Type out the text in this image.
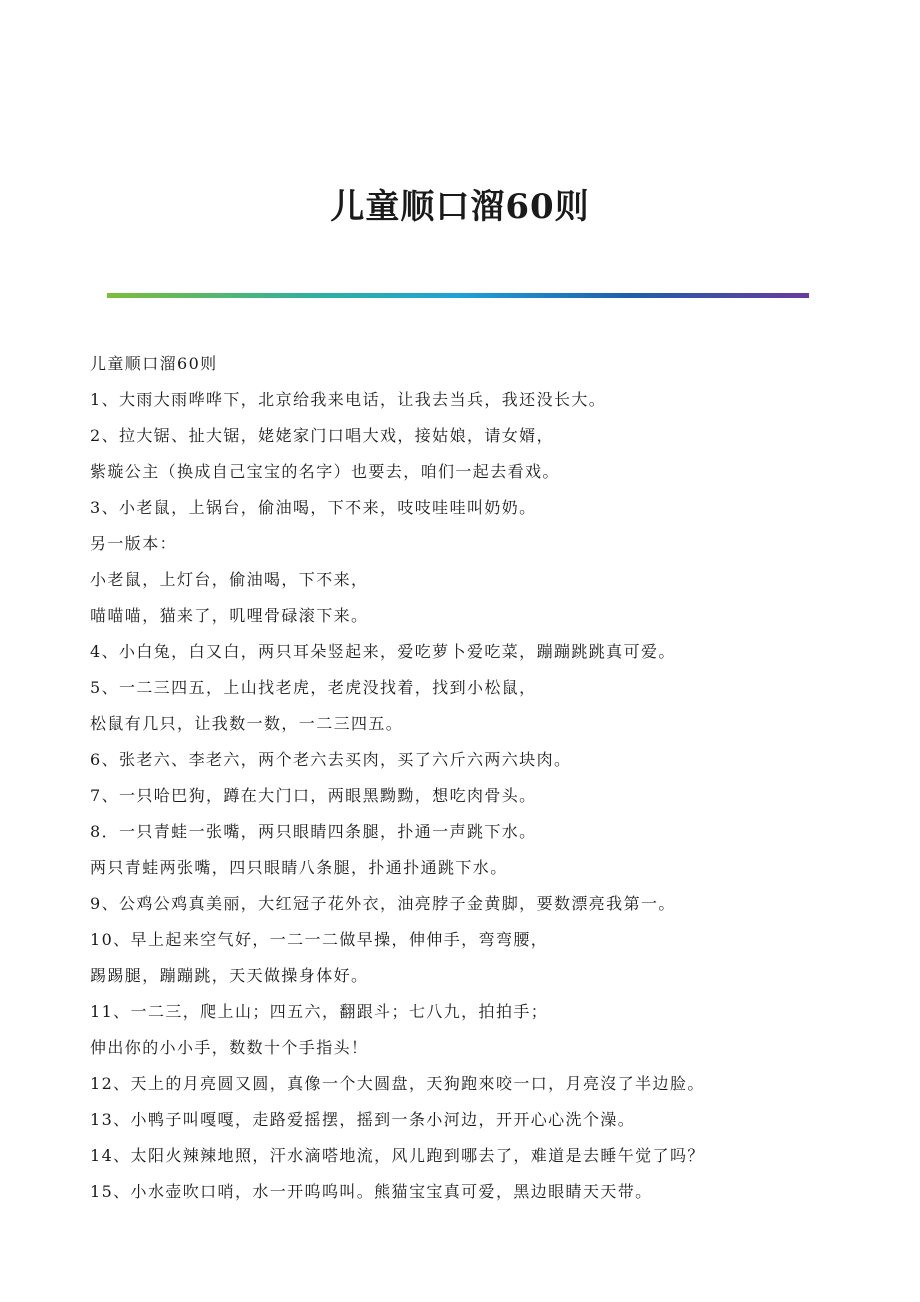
儿童顺口溜60则
儿童顺口溜60则
1、大雨大雨哗哗下，北京给我来电话，让我去当兵，我还没长大。
2、拉大锯、扯大锯，姥姥家门口唱大戏，接姑娘，请女婿，
紫璇公主（换成自己宝宝的名字）也要去，咱们一起去看戏。
3、小老鼠，上锅台，偷油喝，下不来，吱吱哇哇叫奶奶。
另一版本：
小老鼠，上灯台，偷油喝，下不来，
喵喵喵，猫来了，叽哩骨碌滚下来。
4、小白兔，白又白，两只耳朵竖起来，爱吃萝卜爱吃菜，蹦蹦跳跳真可爱。
5、一二三四五，上山找老虎，老虎没找着，找到小松鼠，
松鼠有几只，让我数一数，一二三四五。
6、张老六、李老六，两个老六去买肉，买了六斤六两六块肉。
7、一只哈巴狗，蹲在大门口，两眼黑黝黝，想吃肉骨头。
8．一只青蛙一张嘴，两只眼睛四条腿，扑通一声跳下水。
两只青蛙两张嘴，四只眼睛八条腿，扑通扑通跳下水。
9、公鸡公鸡真美丽，大红冠子花外衣，油亮脖子金黄脚，要数漂亮我第一。
10、早上起来空气好，一二一二做早操，伸伸手，弯弯腰，
踢踢腿，蹦蹦跳，天天做操身体好。
11、一二三，爬上山；四五六，翻跟斗；七八九，拍拍手；
伸出你的小小手，数数十个手指头！
12、天上的月亮圆又圆，真像一个大圆盘，天狗跑來咬一口，月亮沒了半边脸。
13、小鸭子叫嘎嘎，走路爱摇摆，摇到一条小河边，开开心心洗个澡。
14、太阳火辣辣地照，汗水滴嗒地流，风儿跑到哪去了，难道是去睡午觉了吗？
15、小水壶吹口哨，水一开呜呜叫。熊猫宝宝真可爱，黑边眼睛天天带。
